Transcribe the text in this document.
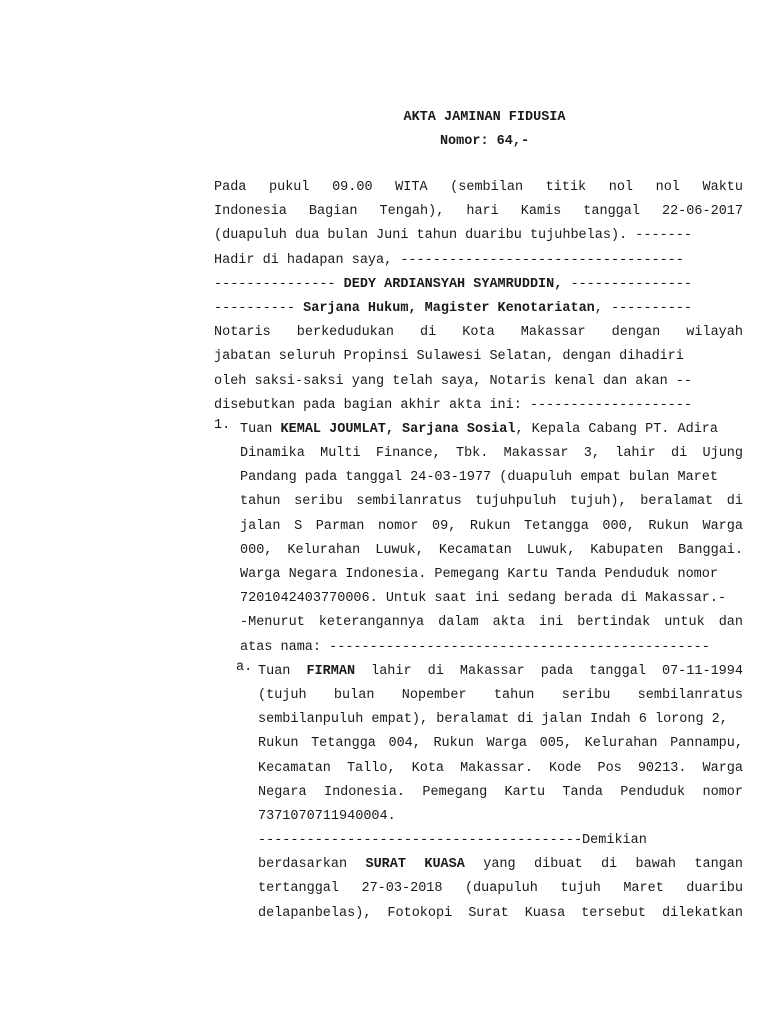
AKTA JAMINAN FIDUSIA
Nomor: 64,-
Pada pukul 09.00 WITA (sembilan titik nol nol Waktu
Indonesia Bagian Tengah), hari Kamis tanggal 22-06-2017
(duapuluh dua bulan Juni tahun duaribu tujuhbelas). -------
Hadir di hadapan saya, -----------------------------------
--------------- DEDY ARDIANSYAH SYAMRUDDIN, ---------------
---------- Sarjana Hukum, Magister Kenotariatan, ----------
Notaris berkedudukan di Kota Makassar dengan wilayah
jabatan seluruh Propinsi Sulawesi Selatan, dengan dihadiri
oleh saksi-saksi yang telah saya, Notaris kenal dan akan --
disebutkan pada bagian akhir akta ini: --------------------
1. Tuan KEMAL JOUMLAT, Sarjana Sosial, Kepala Cabang PT. Adira
Dinamika Multi Finance, Tbk. Makassar 3, lahir di Ujung
Pandang pada tanggal 24-03-1977 (duapuluh empat bulan Maret
tahun seribu sembilanratus tujuhpuluh tujuh), beralamat di
jalan S Parman nomor 09, Rukun Tetangga 000, Rukun Warga
000, Kelurahan Luwuk, Kecamatan Luwuk, Kabupaten Banggai.
Warga Negara Indonesia. Pemegang Kartu Tanda Penduduk nomor
7201042403770006. Untuk saat ini sedang berada di Makassar.-
-Menurut keterangannya dalam akta ini bertindak untuk dan
atas nama: -----------------------------------------------
a. Tuan FIRMAN lahir di Makassar pada tanggal 07-11-1994
(tujuh bulan Nopember tahun seribu sembilanratus
sembilanpuluh empat), beralamat di jalan Indah 6 lorong 2,
Rukun Tetangga 004, Rukun Warga 005, Kelurahan Pannampu,
Kecamatan Tallo, Kota Makassar. Kode Pos 90213. Warga
Negara Indonesia. Pemegang Kartu Tanda Penduduk nomor
7371070711940004.
----------------------------------------Demikian
berdasarkan SURAT KUASA yang dibuat di bawah tangan
tertanggal 27-03-2018 (duapuluh tujuh Maret duaribu
delapanbelas), Fotokopi Surat Kuasa tersebut dilekatkan
